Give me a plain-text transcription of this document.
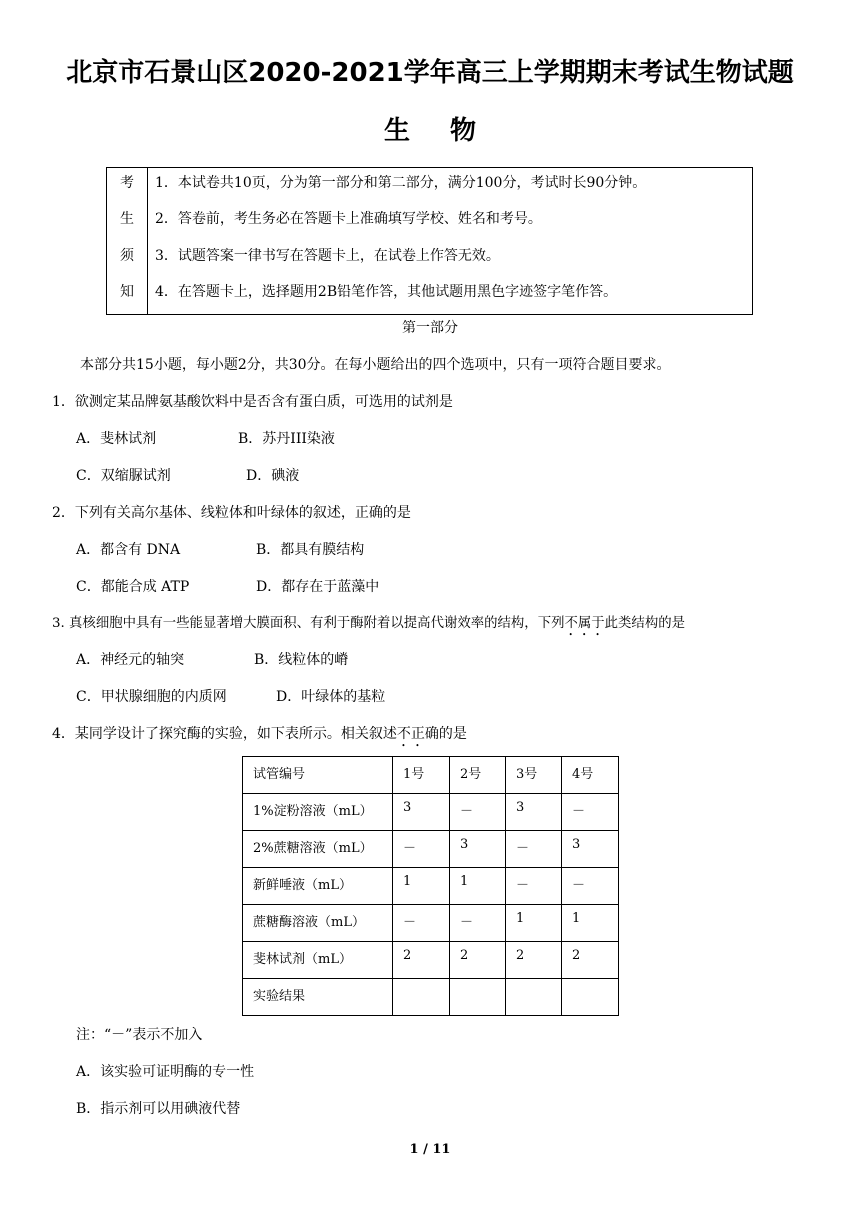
北京市石景山区2020-2021学年高三上学期期末考试生物试题
生物
考
生
须
知
1．本试卷共10页，分为第一部分和第二部分，满分100分，考试时长90分钟。
2．答卷前，考生务必在答题卡上准确填写学校、姓名和考号。
3．试题答案一律书写在答题卡上，在试卷上作答无效。
4．在答题卡上，选择题用2B铅笔作答，其他试题用黑色字迹签字笔作答。
第一部分
本部分共15小题，每小题2分，共30分。在每小题给出的四个选项中，只有一项符合题目要求。
1．欲测定某品牌氨基酸饮料中是否含有蛋白质，可选用的试剂是
A．斐林试剂	B．苏丹III染液
C．双缩脲试剂	D．碘液
2．下列有关高尔基体、线粒体和叶绿体的叙述，正确的是
A．都含有 DNA	B．都具有膜结构
C．都能合成 ATP	D．都存在于蓝藻中
3. 真核细胞中具有一些能显著增大膜面积、有利于酶附着以提高代谢效率的结构，下列不属于此类结构的是
A．神经元的轴突	B．线粒体的嵴
C．甲状腺细胞的内质网	D．叶绿体的基粒
4．某同学设计了探究酶的实验，如下表所示。相关叙述不正确的是
试管编号	1号	2号	3号	4号
1%淀粉溶液（mL）	3	－	3	－
2%蔗糖溶液（mL）	－	3	－	3
新鲜唾液（mL）	1	1	－	－
蔗糖酶溶液（mL）	－	－	1	1
斐林试剂（mL）	2	2	2	2
实验结果				
注：“－”表示不加入
A．该实验可证明酶的专一性
B．指示剂可以用碘液代替
1 / 11
